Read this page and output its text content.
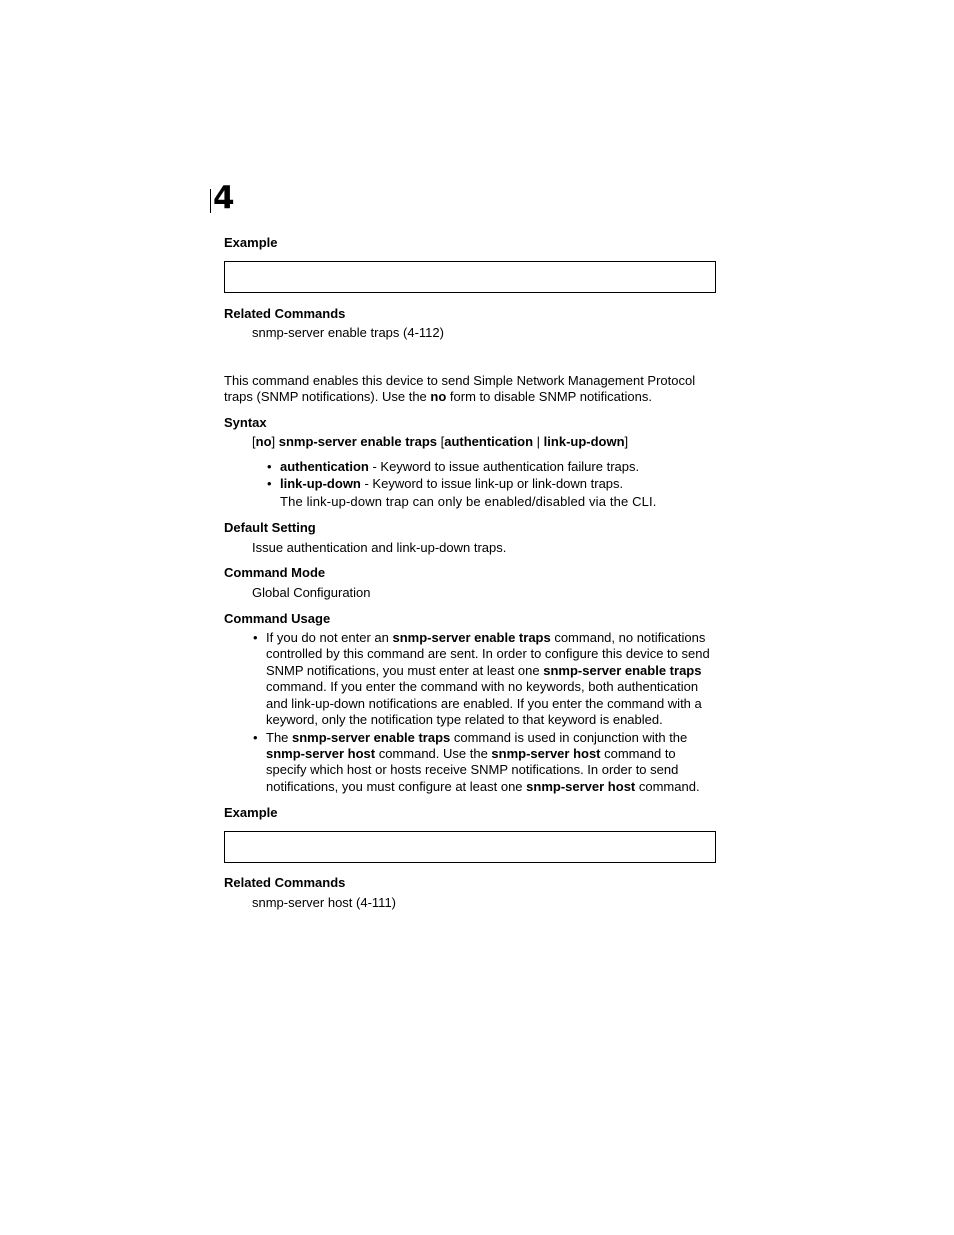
4
Example
Related Commands
snmp-server enable traps (4-112)
This command enables this device to send Simple Network Management Protocol
traps (SNMP notifications). Use the no form to disable SNMP notifications.
Syntax
[no] snmp-server enable traps [authentication | link-up-down]
• authentication - Keyword to issue authentication failure traps.
• link-up-down - Keyword to issue link-up or link-down traps.
The link-up-down trap can only be enabled/disabled via the CLI.
Default Setting
Issue authentication and link-up-down traps.
Command Mode
Global Configuration
Command Usage
• If you do not enter an snmp-server enable traps command, no notifications
controlled by this command are sent. In order to configure this device to send
SNMP notifications, you must enter at least one snmp-server enable traps
command. If you enter the command with no keywords, both authentication
and link-up-down notifications are enabled. If you enter the command with a
keyword, only the notification type related to that keyword is enabled.
• The snmp-server enable traps command is used in conjunction with the
snmp-server host command. Use the snmp-server host command to
specify which host or hosts receive SNMP notifications. In order to send
notifications, you must configure at least one snmp-server host command.
Example
Related Commands
snmp-server host (4-111)
